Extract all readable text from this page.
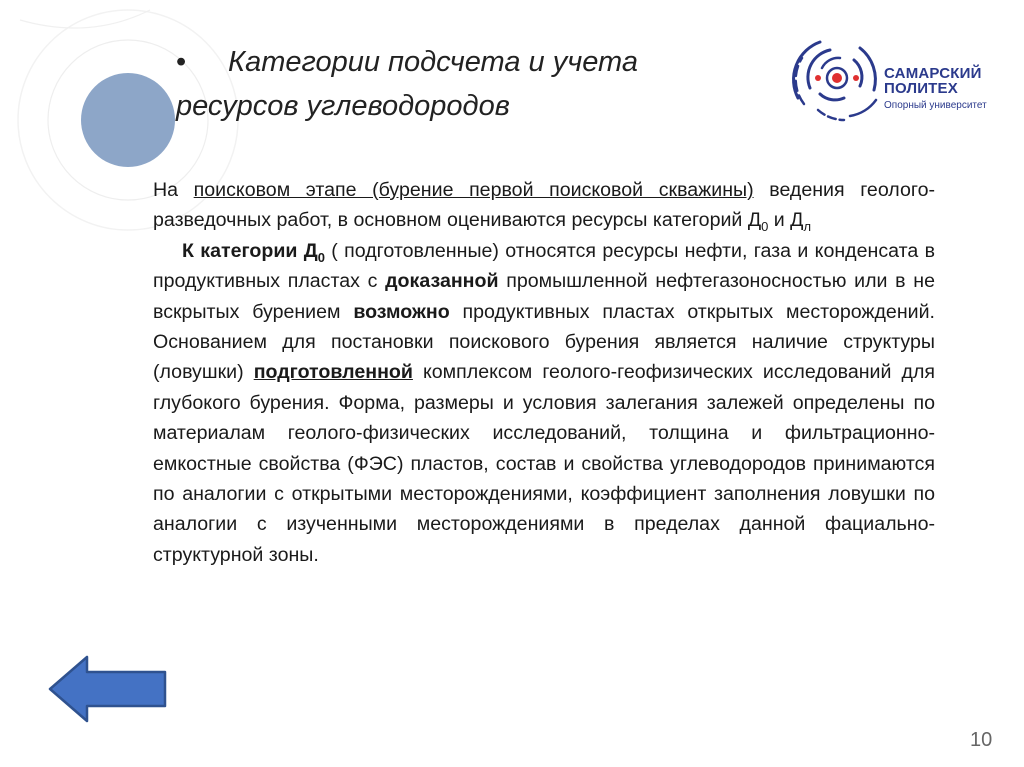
• Категории подсчета и учета
ресурсов углеводородов
САМАРСКИЙ
ПОЛИТЕХ
Опорный университет

На поисковом этапе (бурение первой поисковой скважины) ведения геолого-разведочных работ, в основном оцениваются ресурсы категорий $Д_0$ и $Д_л$

К категории $Д_0$ ( подготовленные) относятся ресурсы нефти, газа и конденсата в продуктивных пластах с доказанной промышленной нефтегазоносностью или в не вскрытых бурением возможно продуктивных пластах открытых месторождений. Основанием для постановки поискового бурения является наличие структуры (ловушки) подготовленной комплексом геолого-геофизических исследований для глубокого бурения. Форма, размеры и условия залегания залежей определены по материалам геолого-физических исследований, толщина и фильтрационно-емкостные свойства (ФЭС) пластов, состав и свойства углеводородов принимаются по аналогии с открытыми месторождениями, коэффициент заполнения ловушки по аналогии с изученными месторождениями в пределах данной фациально-структурной зоны.

10
